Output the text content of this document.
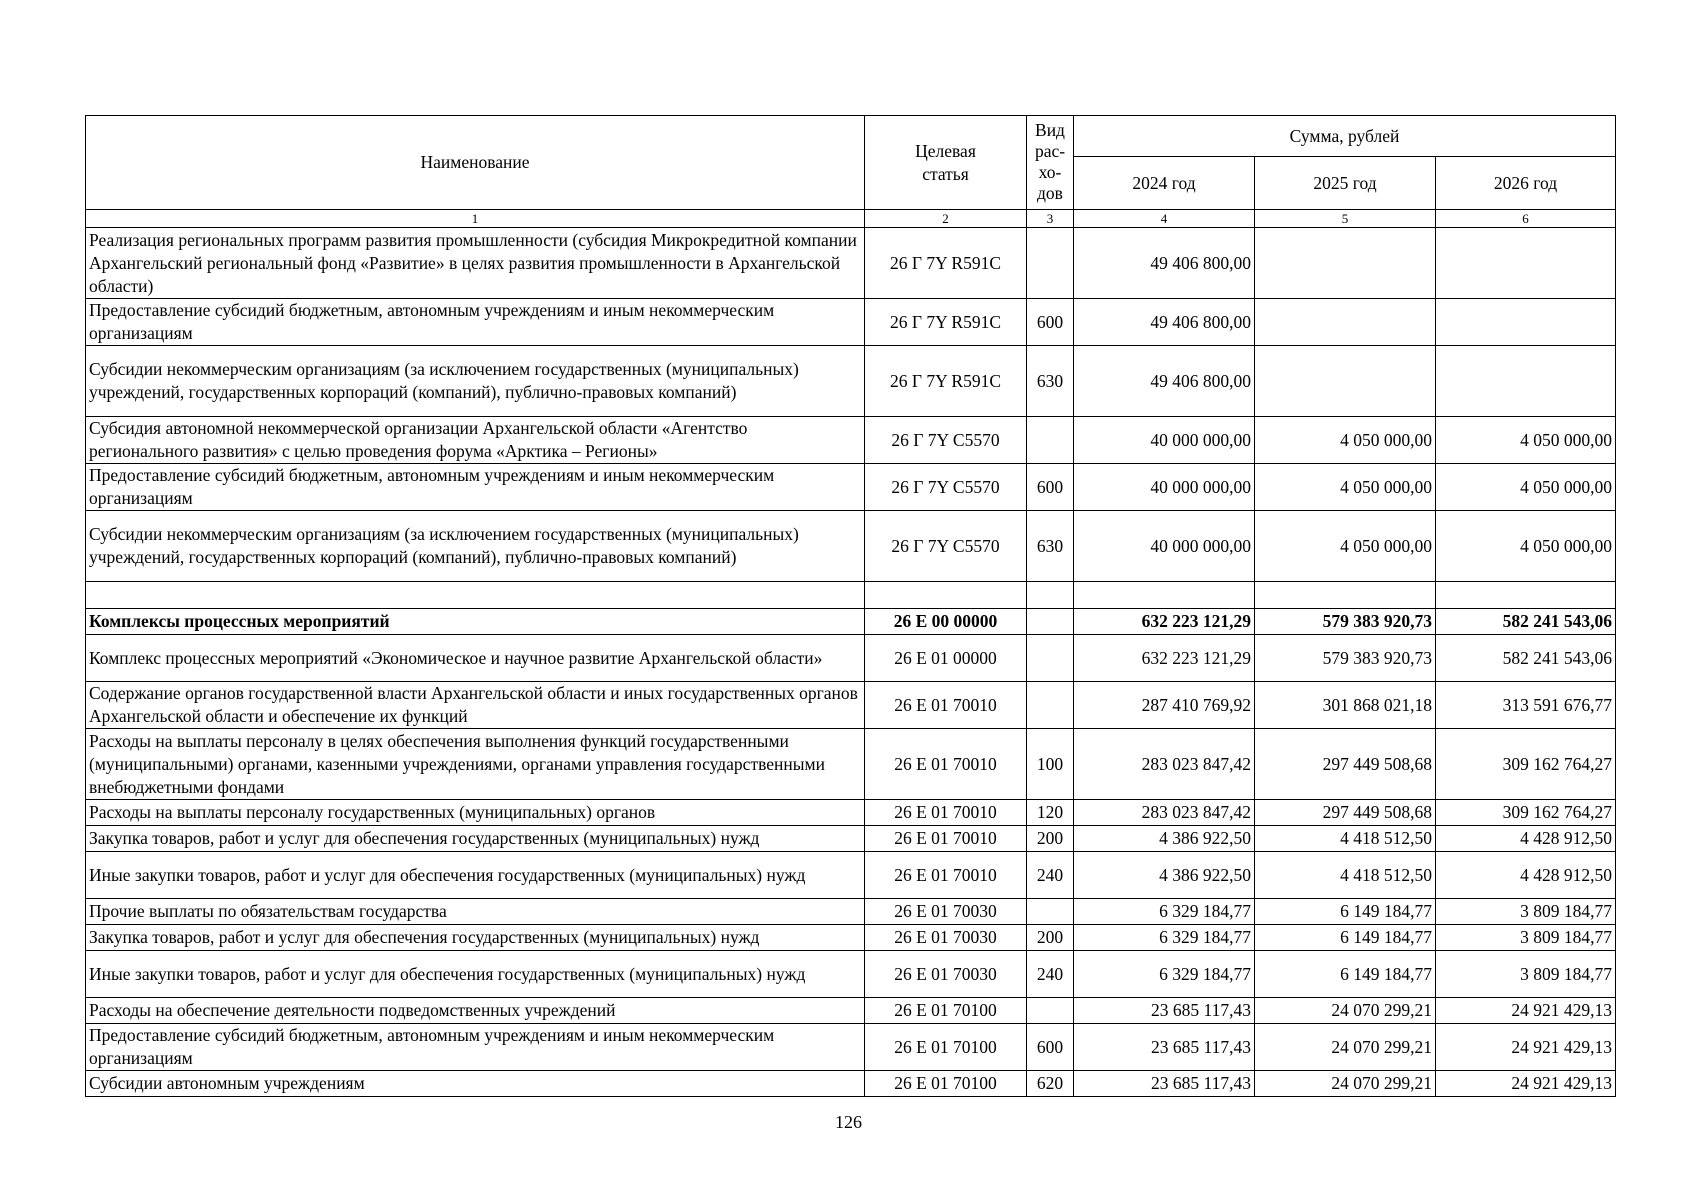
Наименование	Целевая статья	Вид рас-хо-дов	Сумма, рублей		
			2024 год	2025 год	2026 год
1	2	3	4	5	6
Реализация региональных программ развития промышленности (субсидия Микрокредитной компании Архангельский региональный фонд «Развитие» в целях развития промышленности в Архангельской области)	26 Г 7Y R591C		49 406 800,00		
Предоставление субсидий бюджетным, автономным учреждениям и иным некоммерческим организациям	26 Г 7Y R591C	600	49 406 800,00		
Субсидии некоммерческим организациям (за исключением государственных (муниципальных) учреждений, государственных корпораций (компаний), публично-правовых компаний)	26 Г 7Y R591C	630	49 406 800,00		
Субсидия автономной некоммерческой организации Архангельской области «Агентство регионального развития» с целью проведения форума «Арктика – Регионы»	26 Г 7Y C5570		40 000 000,00	4 050 000,00	4 050 000,00
Предоставление субсидий бюджетным, автономным учреждениям и иным некоммерческим организациям	26 Г 7Y C5570	600	40 000 000,00	4 050 000,00	4 050 000,00
Субсидии некоммерческим организациям (за исключением государственных (муниципальных) учреждений, государственных корпораций (компаний), публично-правовых компаний)	26 Г 7Y C5570	630	40 000 000,00	4 050 000,00	4 050 000,00

Комплексы процессных мероприятий	26 Е 00 00000		632 223 121,29	579 383 920,73	582 241 543,06
Комплекс процессных мероприятий «Экономическое и научное развитие Архангельской области»	26 Е 01 00000		632 223 121,29	579 383 920,73	582 241 543,06
Содержание органов государственной власти Архангельской области и иных государственных органов Архангельской области и обеспечение их функций	26 Е 01 70010		287 410 769,92	301 868 021,18	313 591 676,77
Расходы на выплаты персоналу в целях обеспечения выполнения функций государственными (муниципальными) органами, казенными учреждениями, органами управления государственными внебюджетными фондами	26 Е 01 70010	100	283 023 847,42	297 449 508,68	309 162 764,27
Расходы на выплаты персоналу государственных (муниципальных) органов	26 Е 01 70010	120	283 023 847,42	297 449 508,68	309 162 764,27
Закупка товаров, работ и услуг для обеспечения государственных (муниципальных) нужд	26 Е 01 70010	200	4 386 922,50	4 418 512,50	4 428 912,50
Иные закупки товаров, работ и услуг для обеспечения государственных (муниципальных) нужд	26 Е 01 70010	240	4 386 922,50	4 418 512,50	4 428 912,50
Прочие выплаты по обязательствам государства	26 Е 01 70030		6 329 184,77	6 149 184,77	3 809 184,77
Закупка товаров, работ и услуг для обеспечения государственных (муниципальных) нужд	26 Е 01 70030	200	6 329 184,77	6 149 184,77	3 809 184,77
Иные закупки товаров, работ и услуг для обеспечения государственных (муниципальных) нужд	26 Е 01 70030	240	6 329 184,77	6 149 184,77	3 809 184,77
Расходы на обеспечение деятельности подведомственных учреждений	26 Е 01 70100		23 685 117,43	24 070 299,21	24 921 429,13
Предоставление субсидий бюджетным, автономным учреждениям и иным некоммерческим организациям	26 Е 01 70100	600	23 685 117,43	24 070 299,21	24 921 429,13
Субсидии автономным учреждениям	26 Е 01 70100	620	23 685 117,43	24 070 299,21	24 921 429,13
126
